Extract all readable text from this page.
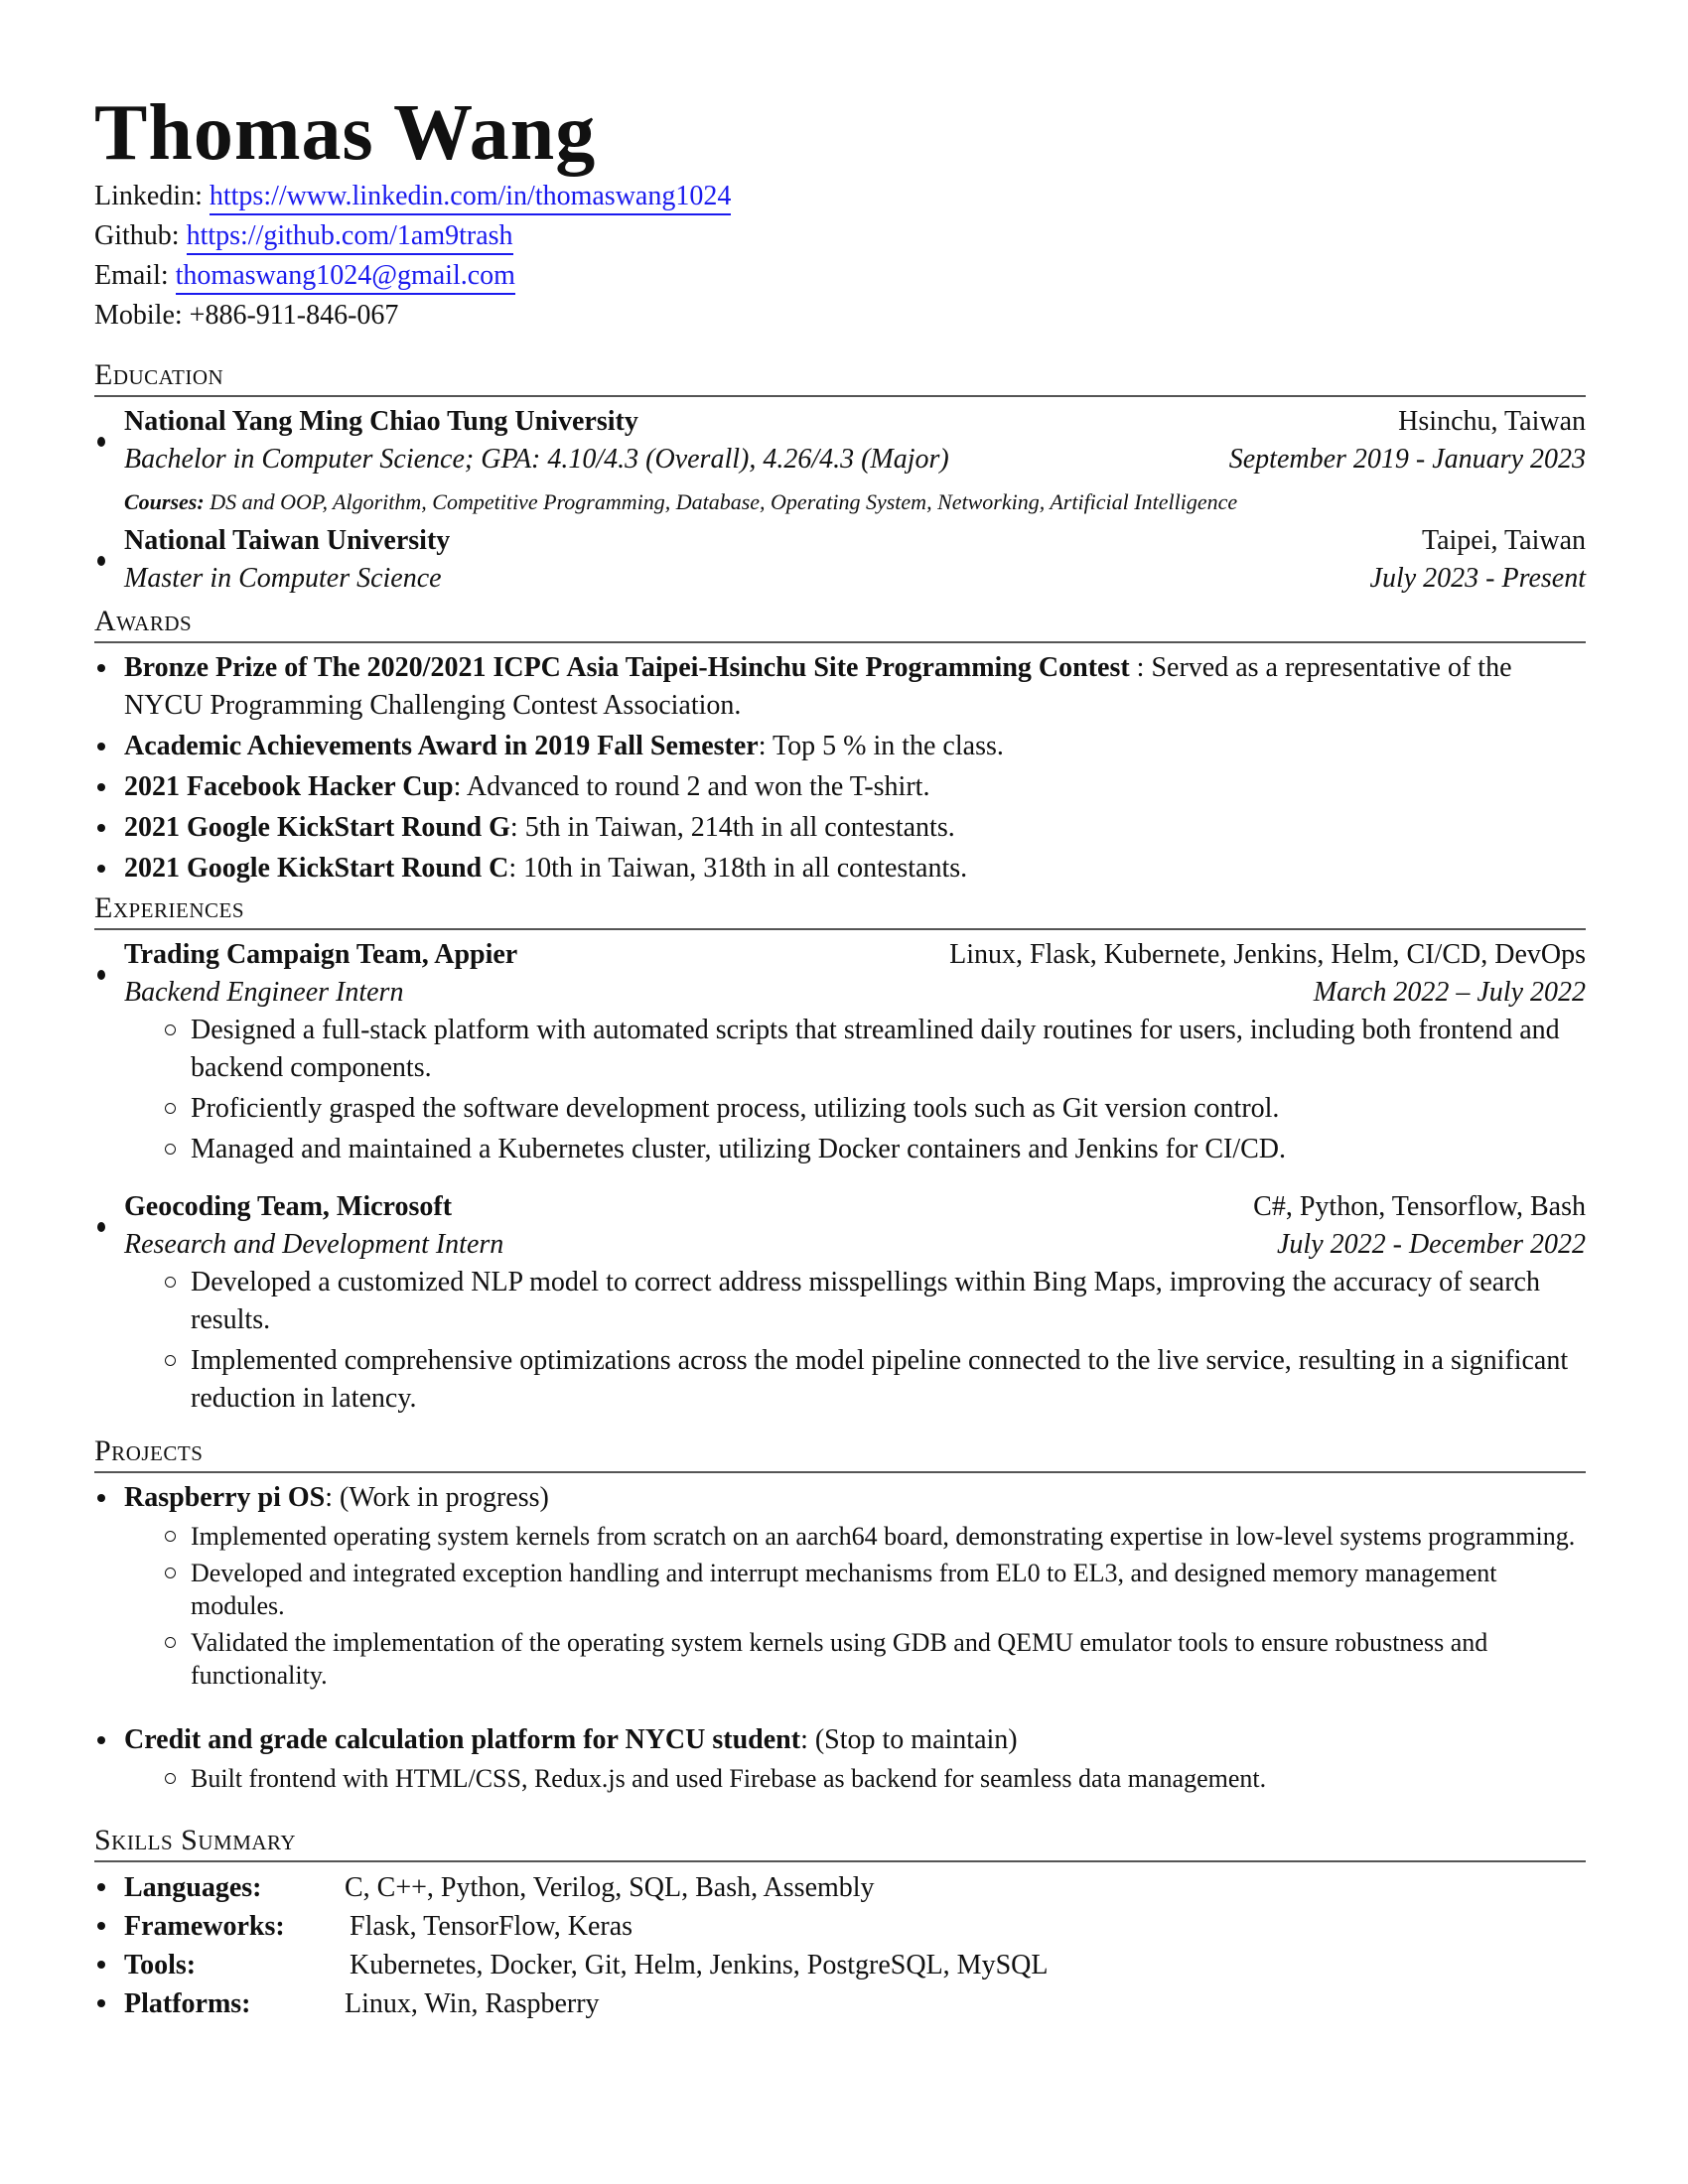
Thomas Wang
Linkedin: https://www.linkedin.com/in/thomaswang1024
Github: https://github.com/1am9trash
Email: thomaswang1024@gmail.com
Mobile: +886-911-846-067
Education
National Yang Ming Chiao Tung University	Hsinchu, Taiwan
Bachelor in Computer Science; GPA: 4.10/4.3 (Overall), 4.26/4.3 (Major)	September 2019 - January 2023
Courses: DS and OOP, Algorithm, Competitive Programming, Database, Operating System, Networking, Artificial Intelligence
National Taiwan University	Taipei, Taiwan
Master in Computer Science	July 2023 - Present
Awards
Bronze Prize of The 2020/2021 ICPC Asia Taipei-Hsinchu Site Programming Contest : Served as a representative of the NYCU Programming Challenging Contest Association.
Academic Achievements Award in 2019 Fall Semester: Top 5 % in the class.
2021 Facebook Hacker Cup: Advanced to round 2 and won the T-shirt.
2021 Google KickStart Round G: 5th in Taiwan, 214th in all contestants.
2021 Google KickStart Round C: 10th in Taiwan, 318th in all contestants.
Experiences
Trading Campaign Team, Appier	Linux, Flask, Kubernete, Jenkins, Helm, CI/CD, DevOps
Backend Engineer Intern	March 2022 – July 2022
Designed a full-stack platform with automated scripts that streamlined daily routines for users, including both frontend and backend components.
Proficiently grasped the software development process, utilizing tools such as Git version control.
Managed and maintained a Kubernetes cluster, utilizing Docker containers and Jenkins for CI/CD.
Geocoding Team, Microsoft	C#, Python, Tensorflow, Bash
Research and Development Intern	July 2022 - December 2022
Developed a customized NLP model to correct address misspellings within Bing Maps, improving the accuracy of search results.
Implemented comprehensive optimizations across the model pipeline connected to the live service, resulting in a significant reduction in latency.
Projects
Raspberry pi OS: (Work in progress)
Implemented operating system kernels from scratch on an aarch64 board, demonstrating expertise in low-level systems programming.
Developed and integrated exception handling and interrupt mechanisms from EL0 to EL3, and designed memory management modules.
Validated the implementation of the operating system kernels using GDB and QEMU emulator tools to ensure robustness and functionality.
Credit and grade calculation platform for NYCU student: (Stop to maintain)
Built frontend with HTML/CSS, Redux.js and used Firebase as backend for seamless data management.
Skills Summary
Languages:	C, C++, Python, Verilog, SQL, Bash, Assembly
Frameworks:	Flask, TensorFlow, Keras
Tools:	Kubernetes, Docker, Git, Helm, Jenkins, PostgreSQL, MySQL
Platforms:	Linux, Win, Raspberry
